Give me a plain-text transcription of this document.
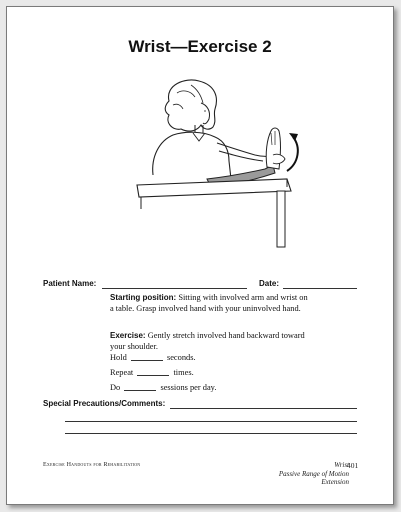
Wrist—Exercise 2
Patient Name:	Date:
Starting position: Sitting with involved arm and wrist on a table. Grasp involved hand with your uninvolved hand.
Exercise: Gently stretch involved hand backward toward your shoulder.
Hold	seconds.
Repeat	times.
Do	sessions per day.
Special Precautions/Comments:
Exercise Handouts for Rehabilitation	Wrist
Passive Range of Motion
Extension
401
